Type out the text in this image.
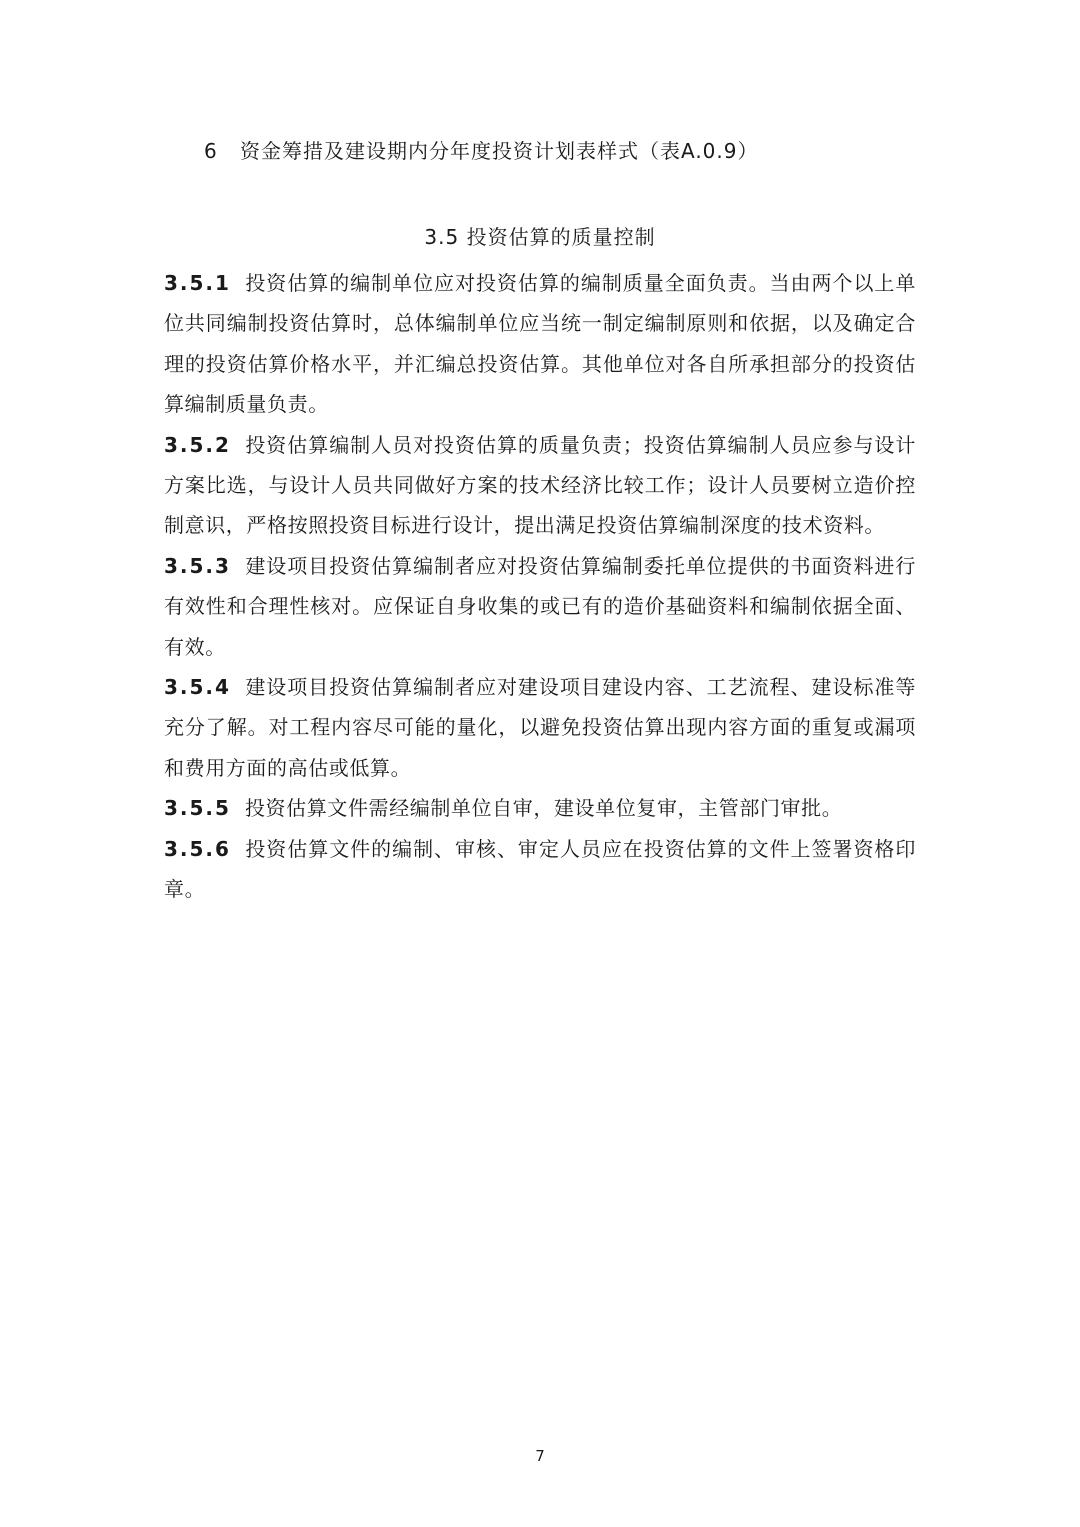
6 资金筹措及建设期内分年度投资计划表样式（表A.0.9）
3.5 投资估算的质量控制

3.5.1 投资估算的编制单位应对投资估算的编制质量全面负责。当由两个以上单位共同编制投资估算时，总体编制单位应当统一制定编制原则和依据，以及确定合理的投资估算价格水平，并汇编总投资估算。其他单位对各自所承担部分的投资估算编制质量负责。

3.5.2 投资估算编制人员对投资估算的质量负责；投资估算编制人员应参与设计方案比选，与设计人员共同做好方案的技术经济比较工作；设计人员要树立造价控制意识，严格按照投资目标进行设计，提出满足投资估算编制深度的技术资料。

3.5.3 建设项目投资估算编制者应对投资估算编制委托单位提供的书面资料进行有效性和合理性核对。应保证自身收集的或已有的造价基础资料和编制依据全面、有效。

3.5.4 建设项目投资估算编制者应对建设项目建设内容、工艺流程、建设标准等充分了解。对工程内容尽可能的量化，以避免投资估算出现内容方面的重复或漏项和费用方面的高估或低算。

3.5.5 投资估算文件需经编制单位自审，建设单位复审，主管部门审批。

3.5.6 投资估算文件的编制、审核、审定人员应在投资估算的文件上签署资格印章。

7
